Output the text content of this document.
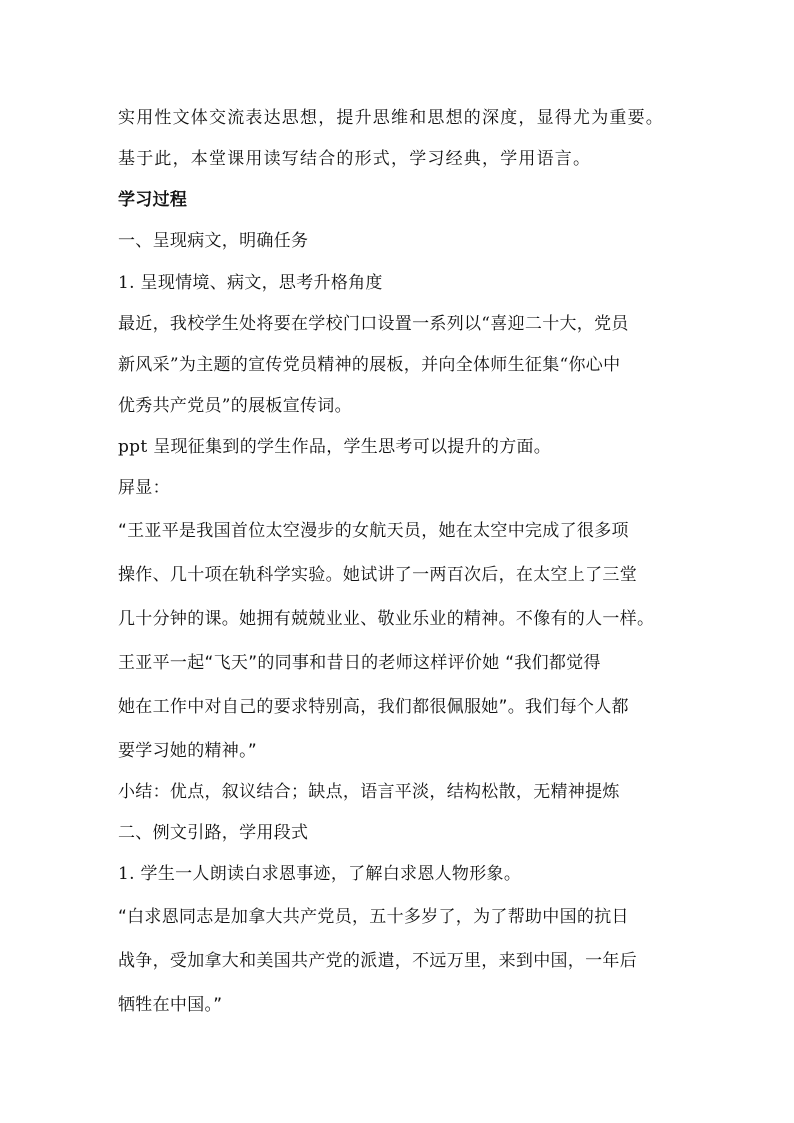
实用性文体交流表达思想，提升思维和思想的深度，显得尤为重要。
基于此，本堂课用读写结合的形式，学习经典，学用语言。
学习过程
一、呈现病文，明确任务
1. 呈现情境、病文，思考升格角度
最近，我校学生处将要在学校门口设置一系列以“喜迎二十大，党员
新风采”为主题的宣传党员精神的展板，并向全体师生征集“你心中
优秀共产党员”的展板宣传词。
ppt 呈现征集到的学生作品，学生思考可以提升的方面。
屏显：
“王亚平是我国首位太空漫步的女航天员，她在太空中完成了很多项
操作、几十项在轨科学实验。她试讲了一两百次后，在太空上了三堂
几十分钟的课。她拥有兢兢业业、敬业乐业的精神。不像有的人一样。
王亚平一起“飞天”的同事和昔日的老师这样评价她 “我们都觉得
她在工作中对自己的要求特别高，我们都很佩服她”。我们每个人都
要学习她的精神。”
小结：优点，叙议结合；缺点，语言平淡，结构松散，无精神提炼
二、例文引路，学用段式
1. 学生一人朗读白求恩事迹，了解白求恩人物形象。
“白求恩同志是加拿大共产党员，五十多岁了，为了帮助中国的抗日
战争，受加拿大和美国共产党的派遣，不远万里，来到中国，一年后
牺牲在中国。”
